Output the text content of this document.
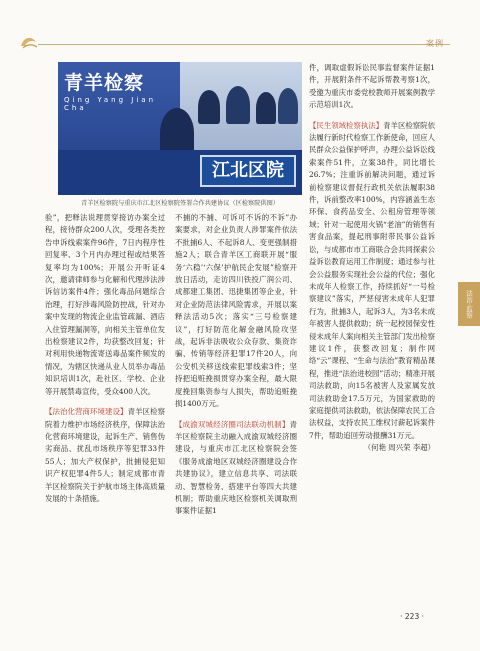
案例
青羊检察
Qing Yang Jian Cha
江北区院
青羊区检察院与重庆市江北区检察院签署合作共建协议（区检察院供图）

验”，把释法说理贯穿接访办案全过程，接待群众200人次，受理各类控告申诉线索案件96件，7日内程序性回复率、3个月内办理过程或结果答复率均为100%；开展公开听证4次，邀请律师参与化解和代理涉法涉诉信访案件4件；强化毒品问题综合治理，打好涉毒风险防控战，针对办案中发现的物流企业监管疏漏、酒店入住管理漏洞等，向相关主管单位发出检察建议2件，均获整改回复；针对利用快递物流寄送毒品案件频发的情况，为辖区快递从业人员举办毒品知识培训1次，赴社区、学校、企业等开展禁毒宣传，受众400人次。

【法治化营商环境建设】青羊区检察院着力维护市场经济秩序，保障法治化营商环境建设，起诉生产、销售伪劣商品、扰乱市场秩序等犯罪33件55人；加大产权保护，批捕侵犯知识产权犯罪4件5人；制定成都市青羊区检察院关于护航市场主体高质量发展的十条措施。

不捕的不捕、可诉可不诉的不诉”办案要求，对企业负责人涉罪案件依法不批捕6人、不起诉8人、变更强制措施2人；联合青羊区工商联开展“服务‘六稳’‘六保’护航民企发展”检察开放日活动，走访四川铁投广润公司、成都建工集团、迅捷集团等企业，针对企业防范法律风险需求，开展以案释法活动5次；落实“三号检察建议”，打好防范化解金融风险攻坚战，起诉非法吸收公众存款、集资诈骗、传销等经济犯罪17件20人，向公安机关移送线索犯罪线索3件；坚持把追赃挽损贯穿办案全程，最大限度挽回集资参与人损失，帮助追赃挽损1400万元。

【成渝双城经济圈司法联动机制】青羊区检察院主动融入成渝双城经济圈建设，与重庆市江北区检察院会签《服务成渝地区双城经济圈建设合作共建协议》，建立信息共享、司法联动、智慧检务、搭建平台等四大共建机制；帮助重庆地区检察机关调取刑事案件证据1

件，调取虚假诉讼民事监督案件证据1件，开展附条件不起诉帮教考察1次，受邀为重庆市委党校教师开展案例教学示范培训1次。

【民生领域检察执法】青羊区检察院依法履行新时代检察工作新使命，回应人民群众公益保护呼声，办理公益诉讼线索案件51件，立案38件，同比增长26.7%；注重诉前解决问题，通过诉前检察建议督促行政机关依法履职38件，诉前整改率100%，内容涵盖生态环保、食药品安全、公租房管理等领域；针对一起使用火锅“老油”的销售有害食品案，提起刑事附带民事公益诉讼，与成都市市工商联合会共同探索公益诉讼教育运用工作制度；通过参与社会公益服务实现社会公益的代位；强化未成年人检察工作，持续抓好“一号检察建议”落实，严惩侵害未成年人犯罪行为，批捕3人，起诉3人，为3名未成年被害人提供救助；统一起校园保安性侵未成年人案向相关主管部门发出检察建议1件，获整改回复；制作网络“云”课程、“生命与法治”教育精品课程，推进“法治进校园”活动；精准开展司法救助，向15名被害人及家属发放司法救助金17.5万元，为国家救助的家庭提供司法救助，依法保障农民工合法权益，支持农民工维权讨薪起诉案件7件，帮助追回劳动报酬31万元。

（何艳 周兴荣 李超）

法治·监察
· 223 ·
